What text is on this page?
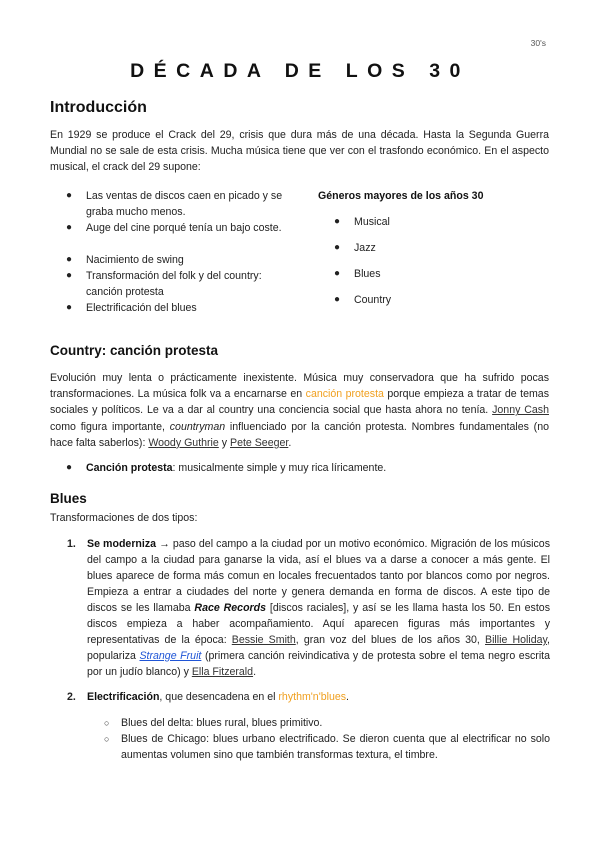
30's
DÉCADA DE LOS 30
Introducción

En 1929 se produce el Crack del 29, crisis que dura más de una década. Hasta la Segunda Guerra Mundial no se sale de esta crisis. Mucha música tiene que ver con el trasfondo económico. En el aspecto musical, el crack del 29 supone:

● Las ventas de discos caen en picado y se graba mucho menos.
● Auge del cine porqué tenía un bajo coste.
● Nacimiento de swing
● Transformación del folk y del country: canción protesta
● Electrificación del blues
Géneros mayores de los años 30
● Musical
● Jazz
● Blues
● Country
Country: canción protesta

Evolución muy lenta o prácticamente inexistente. Música muy conservadora que ha sufrido pocas transformaciones. La música folk va a encarnarse en canción protesta porque empieza a tratar de temas sociales y políticos. Le va a dar al country una conciencia social que hasta ahora no tenía. Jonny Cash como figura importante, countryman influenciado por la canción protesta. Nombres fundamentales (no hace falta saberlos): Woody Guthrie y Pete Seeger.

● Canción protesta: musicalmente simple y muy rica líricamente.
Blues
Transformaciones de dos tipos:
1. Se moderniza → paso del campo a la ciudad por un motivo económico. Migración de los músicos del campo a la ciudad para ganarse la vida, así el blues va a darse a conocer a más gente. El blues aparece de forma más comun en locales frecuentados tanto por blancos como por negros. Empieza a entrar a ciudades del norte y genera demanda en forma de discos. A este tipo de discos se les llamaba Race Records [discos raciales], y así se les llama hasta los 50. En estos discos empieza a haber acompañamiento. Aquí aparecen figuras más importantes y representativas de la época: Bessie Smith, gran voz del blues de los años 30, Billie Holiday, populariza Strange Fruit (primera canción reivindicativa y de protesta sobre el tema negro escrita por un judío blanco) y Ella Fitzerald.
2. Electrificación, que desencadena en el rhythm'n'blues.
○ Blues del delta: blues rural, blues primitivo.
○ Blues de Chicago: blues urbano electrificado. Se dieron cuenta que al electrificar no solo aumentas volumen sino que también transformas textura, el timbre.
